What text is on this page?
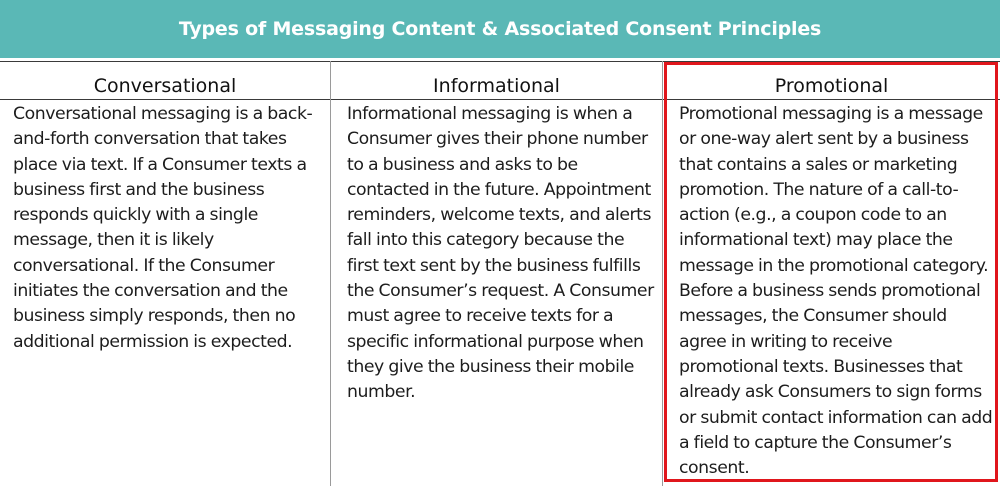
Types of Messaging Content & Associated Consent Principles
Conversational
Conversational messaging is a back-and-forth conversation that takes place via text. If a Consumer texts a business first and the business responds quickly with a single message, then it is likely conversational. If the Consumer initiates the conversation and the business simply responds, then no additional permission is expected.
Informational
Informational messaging is when a Consumer gives their phone number to a business and asks to be contacted in the future. Appointment reminders, welcome texts, and alerts fall into this category because the first text sent by the business fulfills the Consumer’s request. A Consumer must agree to receive texts for a specific informational purpose when they give the business their mobile number.
Promotional
Promotional messaging is a message or one-way alert sent by a business that contains a sales or marketing promotion. The nature of a call-to-action (e.g., a coupon code to an informational text) may place the message in the promotional category. Before a business sends promotional messages, the Consumer should agree in writing to receive promotional texts. Businesses that already ask Consumers to sign forms or submit contact information can add a field to capture the Consumer’s consent.
